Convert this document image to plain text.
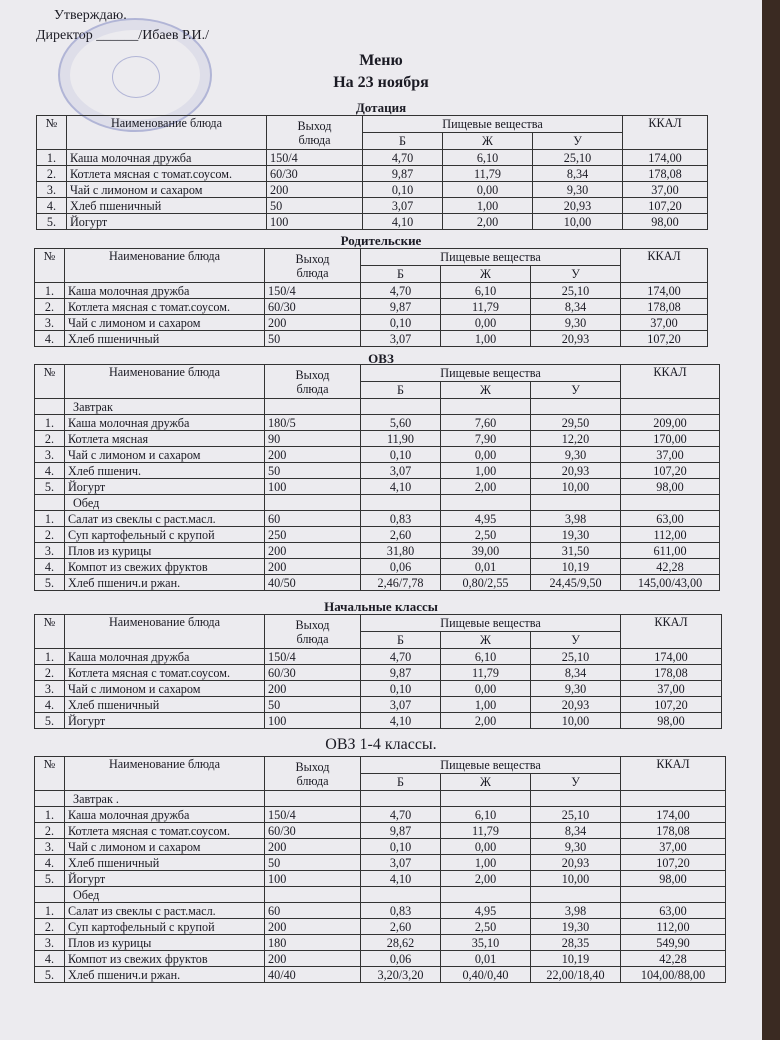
Утверждаю.
Директор ______/Ибаев Р.И./
Меню
На 23 ноября
Дотация
Родительские
ОВЗ
Начальные классы
ОВЗ 1-4 классы.
№	Наименование блюда	Выход
блюда	Пищевые вещества			ККАЛ
			Б	Ж	У	
1.	Каша молочная дружба	150/4	4,70	6,10	25,10	174,00
2.	Котлета мясная с томат.соусом.	60/30	9,87	11,79	8,34	178,08
3.	Чай с лимоном и сахаром	200	0,10	0,00	9,30	37,00
4.	Хлеб пшеничный	50	3,07	1,00	20,93	107,20
5.	Йогурт	100	4,10	2,00	10,00	98,00
№	Наименование блюда	Выход
блюда	Пищевые вещества			ККАЛ
			Б	Ж	У	
1.	Каша молочная дружба	150/4	4,70	6,10	25,10	174,00
2.	Котлета мясная с томат.соусом.	60/30	9,87	11,79	8,34	178,08
3.	Чай с лимоном и сахаром	200	0,10	0,00	9,30	37,00
4.	Хлеб пшеничный	50	3,07	1,00	20,93	107,20
№	Наименование блюда	Выход
блюда	Пищевые вещества			ККАЛ
			Б	Ж	У	
	Завтрак					
1.	Каша молочная дружба	180/5	5,60	7,60	29,50	209,00
2.	Котлета мясная	90	11,90	7,90	12,20	170,00
3.	Чай с лимоном и сахаром	200	0,10	0,00	9,30	37,00
4.	Хлеб пшенич.	50	3,07	1,00	20,93	107,20
5.	Йогурт	100	4,10	2,00	10,00	98,00
	Обед					
1.	Салат из свеклы с раст.масл.	60	0,83	4,95	3,98	63,00
2.	Суп картофельный с крупой	250	2,60	2,50	19,30	112,00
3.	Плов из курицы	200	31,80	39,00	31,50	611,00
4.	Компот из свежих фруктов	200	0,06	0,01	10,19	42,28
5.	Хлеб пшенич.и ржан.	40/50	2,46/7,78	0,80/2,55	24,45/9,50	145,00/43,00
№	Наименование блюда	Выход
блюда	Пищевые вещества			ККАЛ
			Б	Ж	У	
1.	Каша молочная дружба	150/4	4,70	6,10	25,10	174,00
2.	Котлета мясная с томат.соусом.	60/30	9,87	11,79	8,34	178,08
3.	Чай с лимоном и сахаром	200	0,10	0,00	9,30	37,00
4.	Хлеб пшеничный	50	3,07	1,00	20,93	107,20
5.	Йогурт	100	4,10	2,00	10,00	98,00
№	Наименование блюда	Выход
блюда	Пищевые вещества			ККАЛ
			Б	Ж	У	
	Завтрак .					
1.	Каша молочная дружба	150/4	4,70	6,10	25,10	174,00
2.	Котлета мясная с томат.соусом.	60/30	9,87	11,79	8,34	178,08
3.	Чай с лимоном и сахаром	200	0,10	0,00	9,30	37,00
4.	Хлеб пшеничный	50	3,07	1,00	20,93	107,20
5.	Йогурт	100	4,10	2,00	10,00	98,00
	Обед					
1.	Салат из свеклы с раст.масл.	60	0,83	4,95	3,98	63,00
2.	Суп картофельный с крупой	200	2,60	2,50	19,30	112,00
3.	Плов из курицы	180	28,62	35,10	28,35	549,90
4.	Компот из свежих фруктов	200	0,06	0,01	10,19	42,28
5.	Хлеб пшенич.и ржан.	40/40	3,20/3,20	0,40/0,40	22,00/18,40	104,00/88,00
